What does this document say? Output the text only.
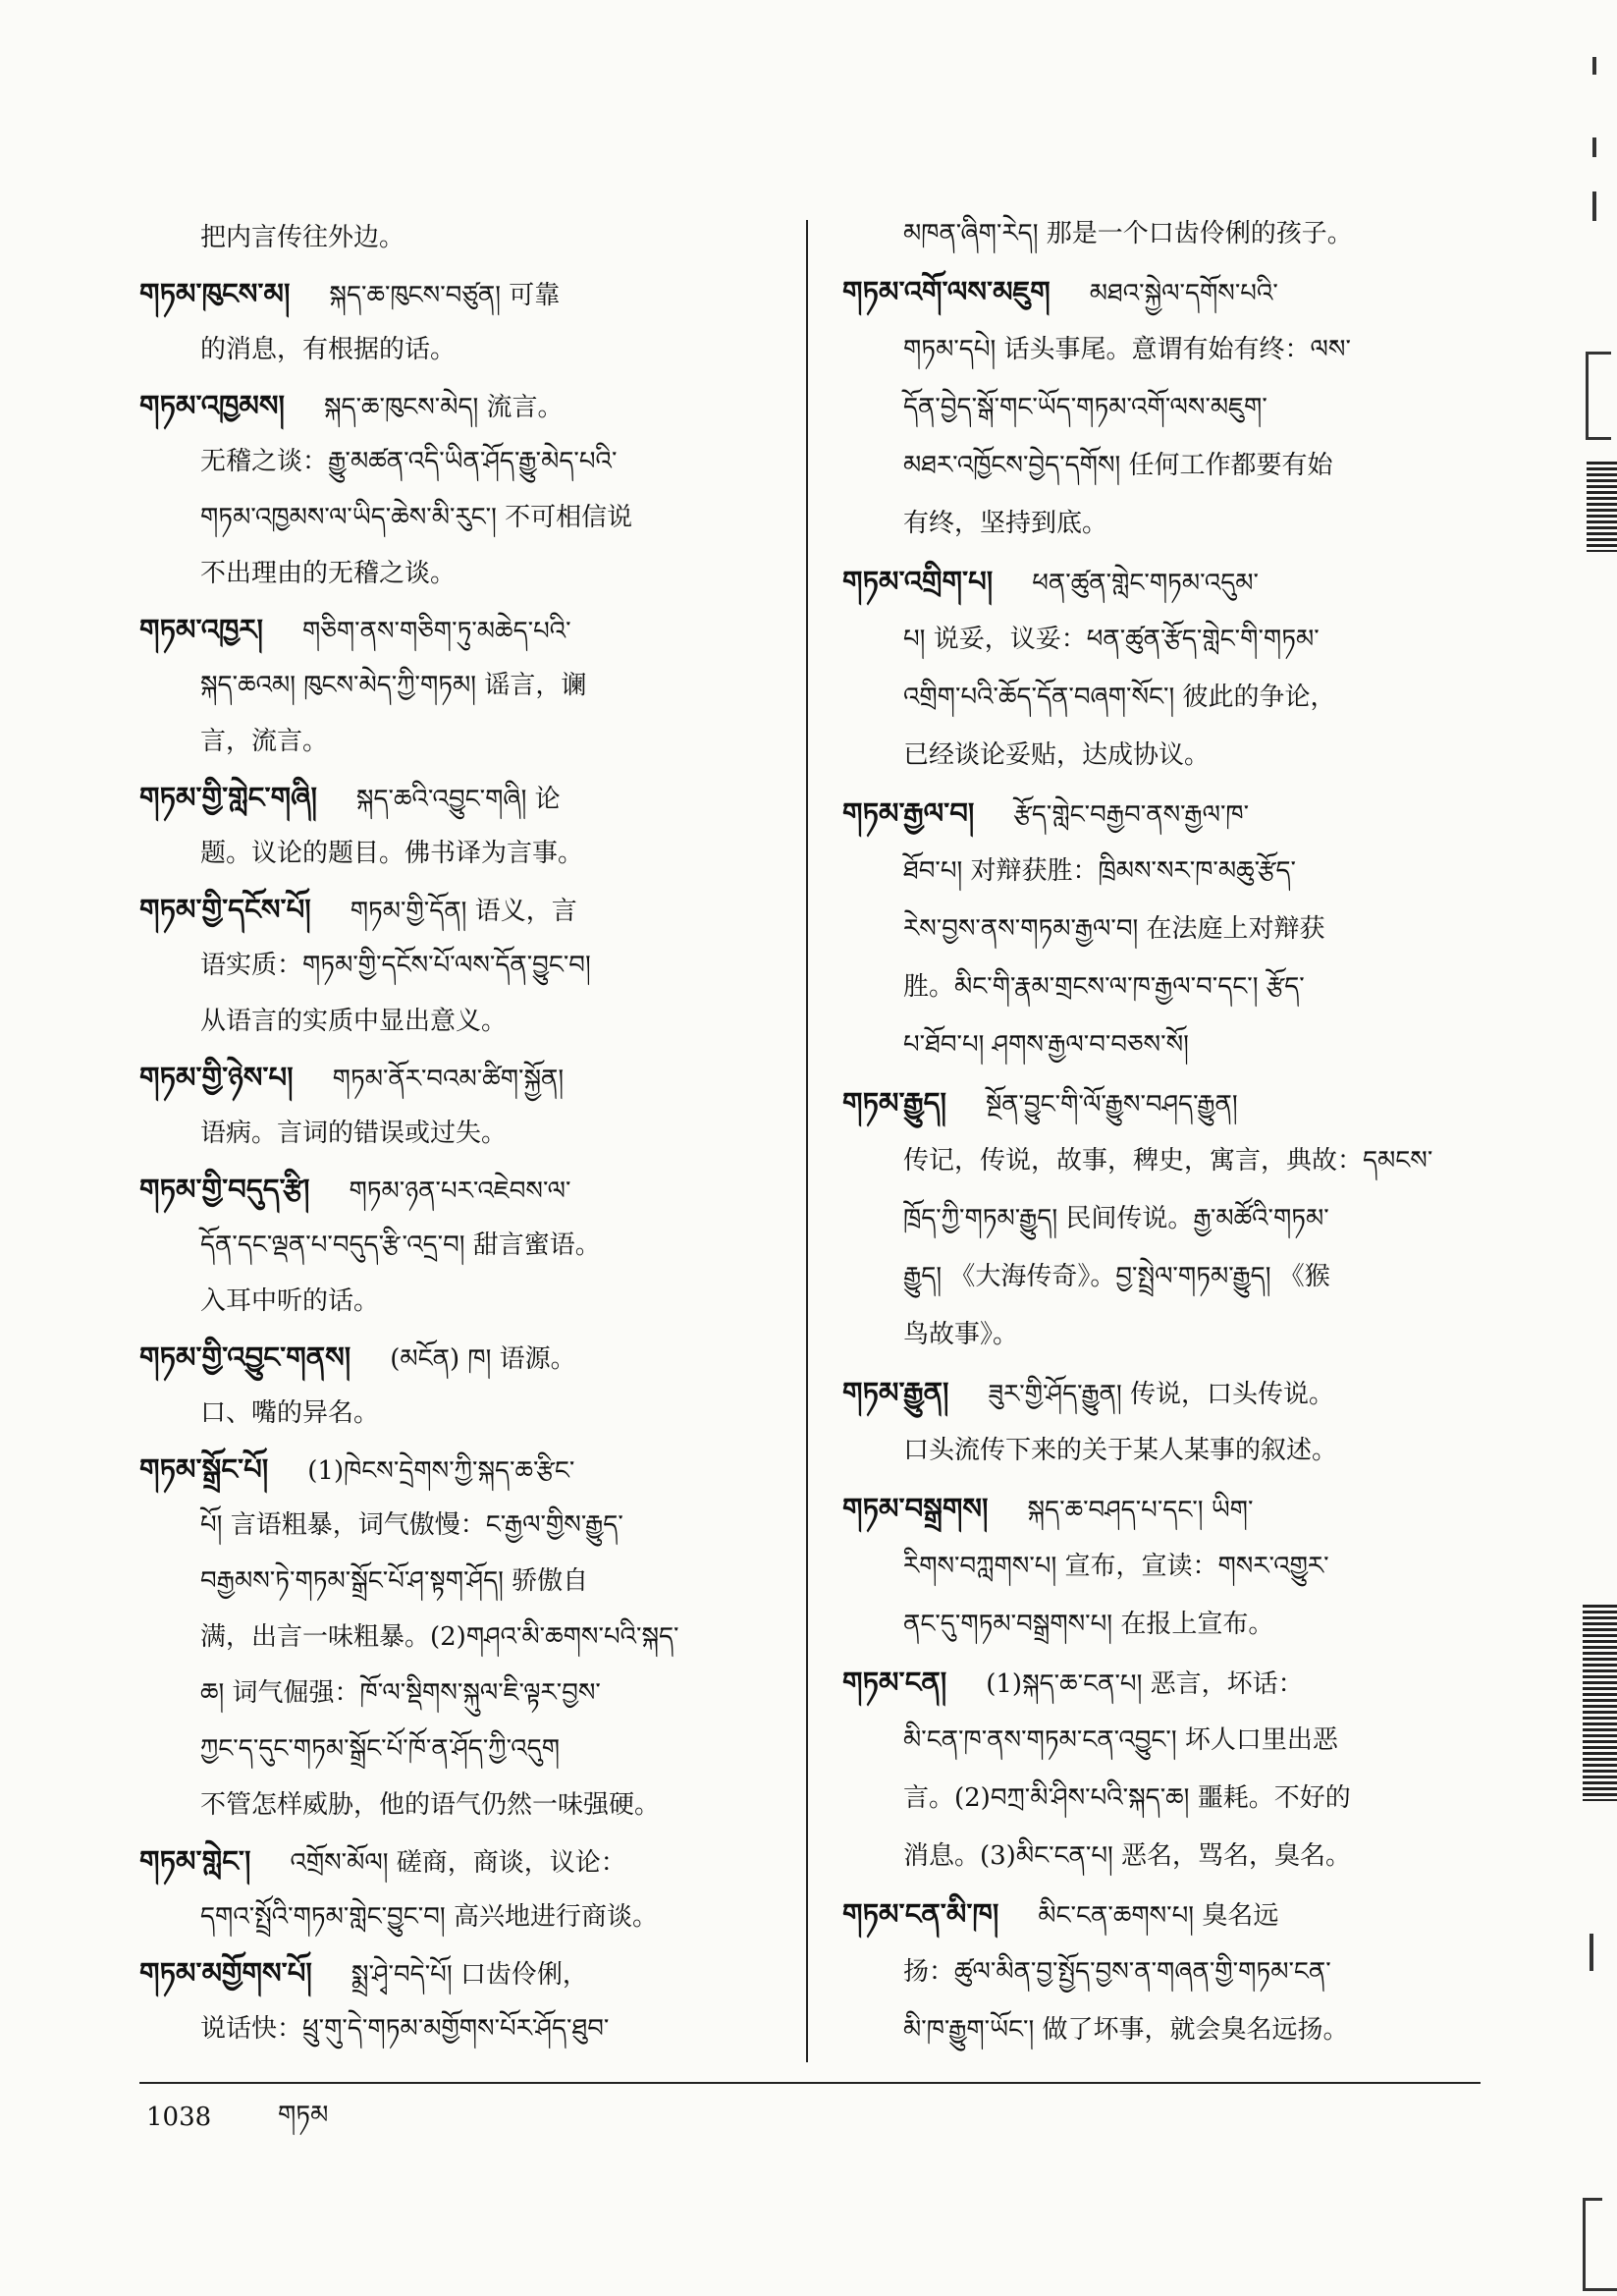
把内言传往外边。
གཏམ་ཁུངས་མ། སྐད་ཆ་ཁུངས་བཙུན། 可靠
的消息，有根据的话。
གཏམ་འཁྱམས། སྐད་ཆ་ཁུངས་མེད། 流言。
无稽之谈：རྒྱུ་མཚན་འདི་ཡིན་ཤོད་རྒྱུ་མེད་པའི་
གཏམ་འཁྱམས་ལ་ཡིད་ཆེས་མི་རུང་། 不可相信说
不出理由的无稽之谈。
གཏམ་འཁྱར། གཅིག་ནས་གཅིག་ཏུ་མཆེད་པའི་
སྐད་ཆའམ། ཁུངས་མེད་ཀྱི་གཏམ། 谣言，谰
言，流言。
གཏམ་གྱི་གླེང་གཞི། སྐད་ཆའི་འབྱུང་གཞི། 论
题。议论的题目。佛书译为言事。
གཏམ་གྱི་དངོས་པོ། གཏམ་གྱི་དོན། 语义，言
语实质：གཏམ་གྱི་དངོས་པོ་ལས་དོན་བྱུང་བ།
从语言的实质中显出意义。
གཏམ་གྱི་ཉེས་པ། གཏམ་ནོར་བའམ་ཚིག་སྐྱོན།
语病。言词的错误或过失。
གཏམ་གྱི་བདུད་རྩི། གཏམ་ཉན་པར་འཇེབས་ལ་
དོན་དང་ལྡན་པ་བདུད་རྩི་འདྲ་བ། 甜言蜜语。
入耳中听的话。
གཏམ་གྱི་འབྱུང་གནས། (མངོན) ཁ། 语源。
口、嘴的异名。
གཏམ་སྒྲོང་པོ། (1)ཁེངས་དྲེགས་ཀྱི་སྐད་ཆ་རྩིང་
པོ། 言语粗暴，词气傲慢：ང་རྒྱལ་གྱིས་རྒྱུད་
བརྒྱམས་ཏེ་གཏམ་སྒྲོང་པོ་ཤ་སྟག་ཤོད། 骄傲自
满，出言一味粗暴。(2)གཤའ་མི་ཆགས་པའི་སྐད་
ཆ། 词气倔强：ཁོ་ལ་སྡིགས་སྐུལ་ཇི་ལྟར་བྱས་
ཀྱང་ད་དུང་གཏམ་སྒྲོང་པོ་ཁོ་ན་ཤོད་ཀྱི་འདུག
不管怎样威胁，他的语气仍然一味强硬。
གཏམ་གླེང་། འགྲོས་མོལ། 磋商，商谈，议论：
དགའ་སྤྲོའི་གཏམ་གླེང་བྱུང་བ། 高兴地进行商谈。
གཏམ་མགྱོགས་པོ། སྨྲ་ཤྭེ་བདེ་པོ། 口齿伶俐，
说话快：ཕྲུ་གུ་དེ་གཏམ་མགྱོགས་པོར་ཤོད་ཐུབ་
མཁན་ཞིག་རེད། 那是一个口齿伶俐的孩子。
གཏམ་འགོ་ལས་མཇུག མཐའ་སྐྱེལ་དགོས་པའི་
གཏམ་དཔེ། 话头事尾。意谓有始有终：ལས་
དོན་བྱེད་སྒོ་གང་ཡོད་གཏམ་འགོ་ལས་མཇུག་
མཐར་འཁྱོངས་བྱེད་དགོས། 任何工作都要有始
有终，坚持到底。
གཏམ་འགྲིག་པ། ཕན་ཚུན་གླེང་གཏམ་འདུམ་
པ། 说妥，议妥：ཕན་ཚུན་རྩོད་གླེང་གི་གཏམ་
འགྲིག་པའི་ཆོད་དོན་བཞག་སོང་། 彼此的争论，
已经谈论妥贴，达成协议。
གཏམ་རྒྱལ་བ། རྩོད་གླེང་བརྒྱབ་ནས་རྒྱལ་ཁ་
ཐོབ་པ། 对辩获胜：ཁྲིམས་སར་ཁ་མཆུ་རྩོད་
རེས་བྱས་ནས་གཏམ་རྒྱལ་བ། 在法庭上对辩获
胜。མིང་གི་རྣམ་གྲངས་ལ་ཁ་རྒྱལ་བ་དང་། རྩོད་
པ་ཐོབ་པ། ཤགས་རྒྱལ་བ་བཅས་སོ།
གཏམ་རྒྱུད། སྔོན་བྱུང་གི་ལོ་རྒྱུས་བཤད་རྒྱུན།
传记，传说，故事，稗史，寓言，典故：དམངས་
ཁྲོད་ཀྱི་གཏམ་རྒྱུད། 民间传说。རྒྱ་མཚོའི་གཏམ་
རྒྱུད། 《大海传奇》。བྱ་སྤྲེལ་གཏམ་རྒྱུད། 《猴
鸟故事》。
གཏམ་རྒྱུན། ཟུར་གྱི་ཤོད་རྒྱུན། 传说，口头传说。
口头流传下来的关于某人某事的叙述。
གཏམ་བསྒྲགས། སྐད་ཆ་བཤད་པ་དང་། ཡིག་
རིགས་བཀླགས་པ། 宣布，宣读：གསར་འགྱུར་
ནང་དུ་གཏམ་བསྒྲགས་པ། 在报上宣布。
གཏམ་ངན། (1)སྐད་ཆ་ངན་པ། 恶言，坏话：
མི་ངན་ཁ་ནས་གཏམ་ངན་འབྱུང་། 坏人口里出恶
言。(2)བཀྲ་མི་ཤིས་པའི་སྐད་ཆ། 噩耗。不好的
消息。(3)མིང་ངན་པ། 恶名，骂名，臭名。
གཏམ་ངན་མི་ཁ། མིང་ངན་ཆགས་པ། 臭名远
扬：ཚུལ་མིན་བྱ་སྤྱོད་བྱས་ན་གཞན་གྱི་གཏམ་ངན་
མི་ཁ་རྒྱུག་ཡོང་། 做了坏事，就会臭名远扬。
1038	གཏམ
